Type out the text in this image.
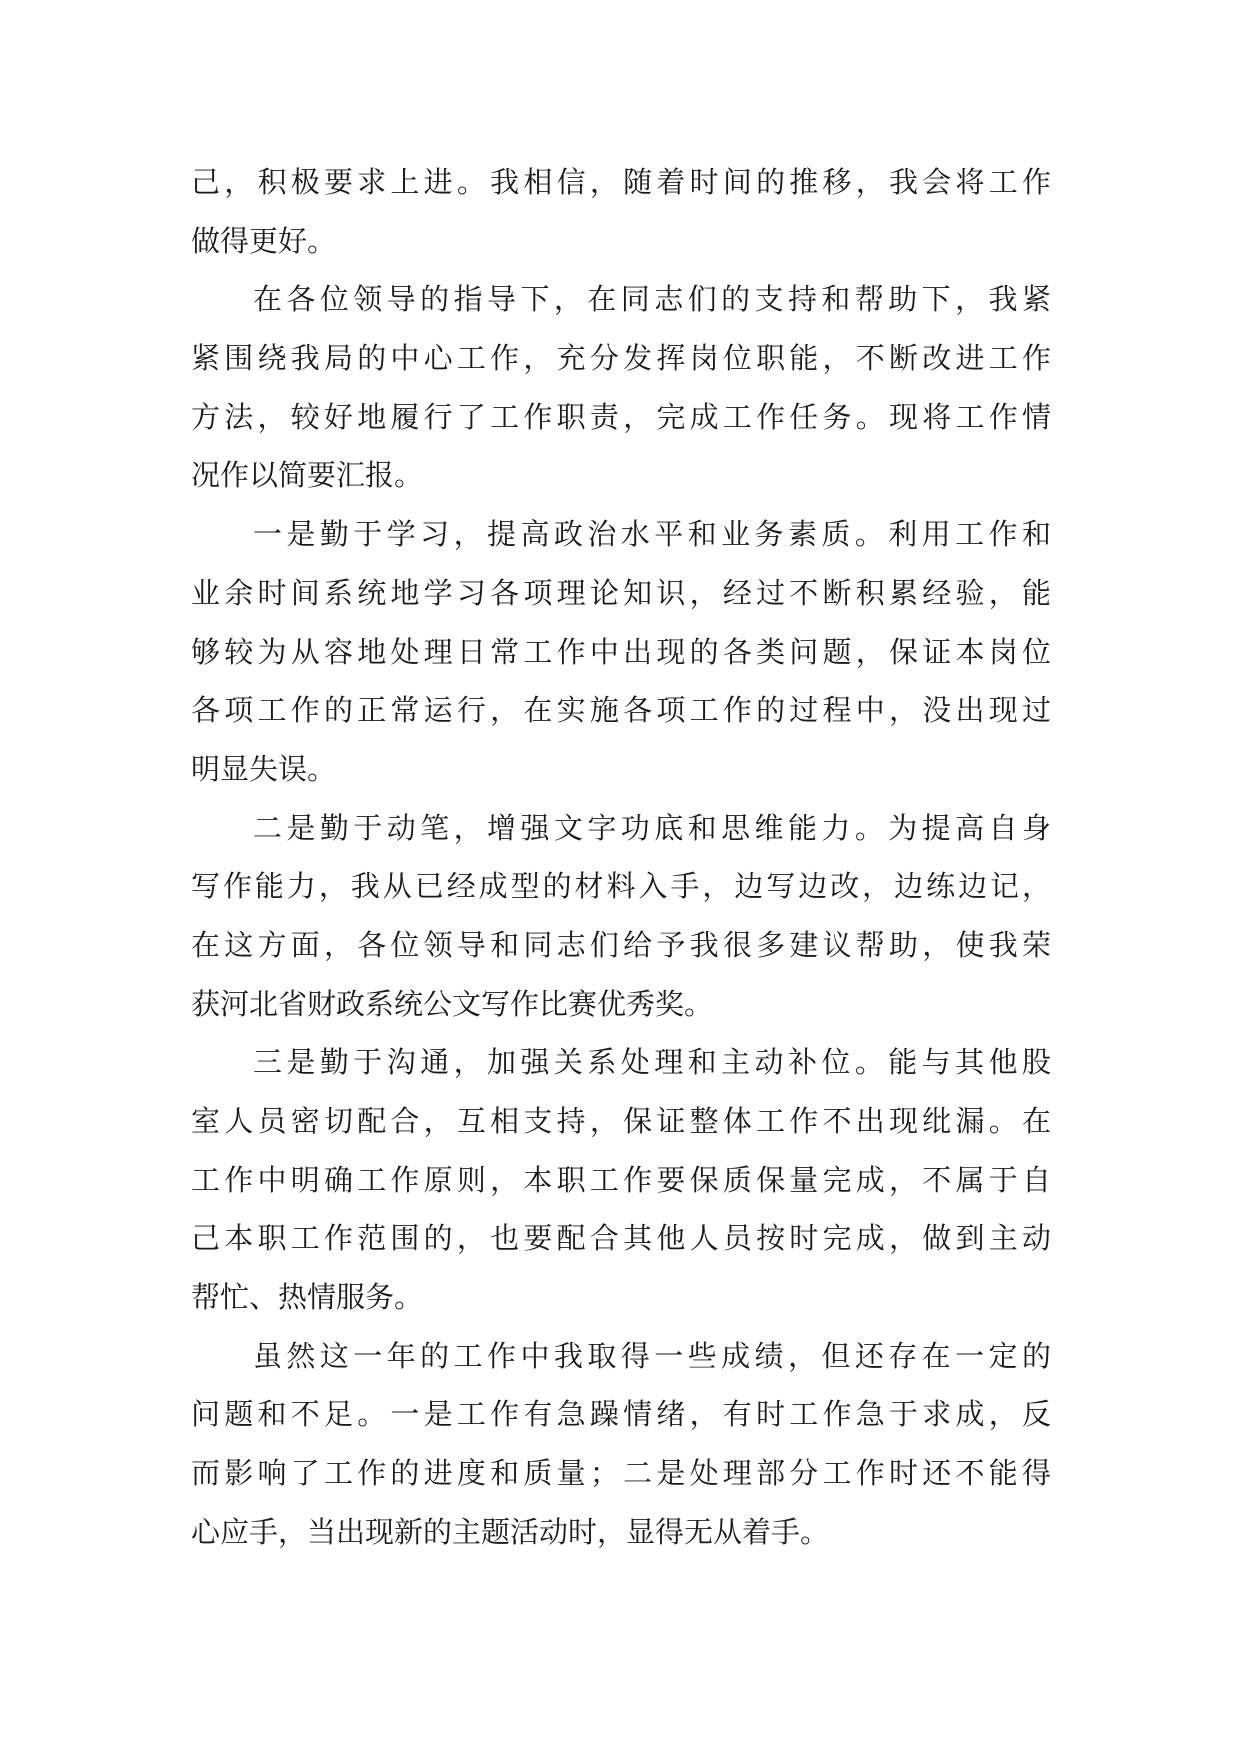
己，积极要求上进。我相信，随着时间的推移，我会将工作
做得更好。
在各位领导的指导下，在同志们的支持和帮助下，我紧
紧围绕我局的中心工作，充分发挥岗位职能，不断改进工作
方法，较好地履行了工作职责，完成工作任务。现将工作情
况作以简要汇报。
一是勤于学习，提高政治水平和业务素质。利用工作和
业余时间系统地学习各项理论知识，经过不断积累经验，能
够较为从容地处理日常工作中出现的各类问题，保证本岗位
各项工作的正常运行，在实施各项工作的过程中，没出现过
明显失误。
二是勤于动笔，增强文字功底和思维能力。为提高自身
写作能力，我从已经成型的材料入手，边写边改，边练边记，
在这方面，各位领导和同志们给予我很多建议帮助，使我荣
获河北省财政系统公文写作比赛优秀奖。
三是勤于沟通，加强关系处理和主动补位。能与其他股
室人员密切配合，互相支持，保证整体工作不出现纰漏。在
工作中明确工作原则，本职工作要保质保量完成，不属于自
己本职工作范围的，也要配合其他人员按时完成，做到主动
帮忙、热情服务。
虽然这一年的工作中我取得一些成绩，但还存在一定的
问题和不足。一是工作有急躁情绪，有时工作急于求成，反
而影响了工作的进度和质量；二是处理部分工作时还不能得
心应手，当出现新的主题活动时，显得无从着手。
